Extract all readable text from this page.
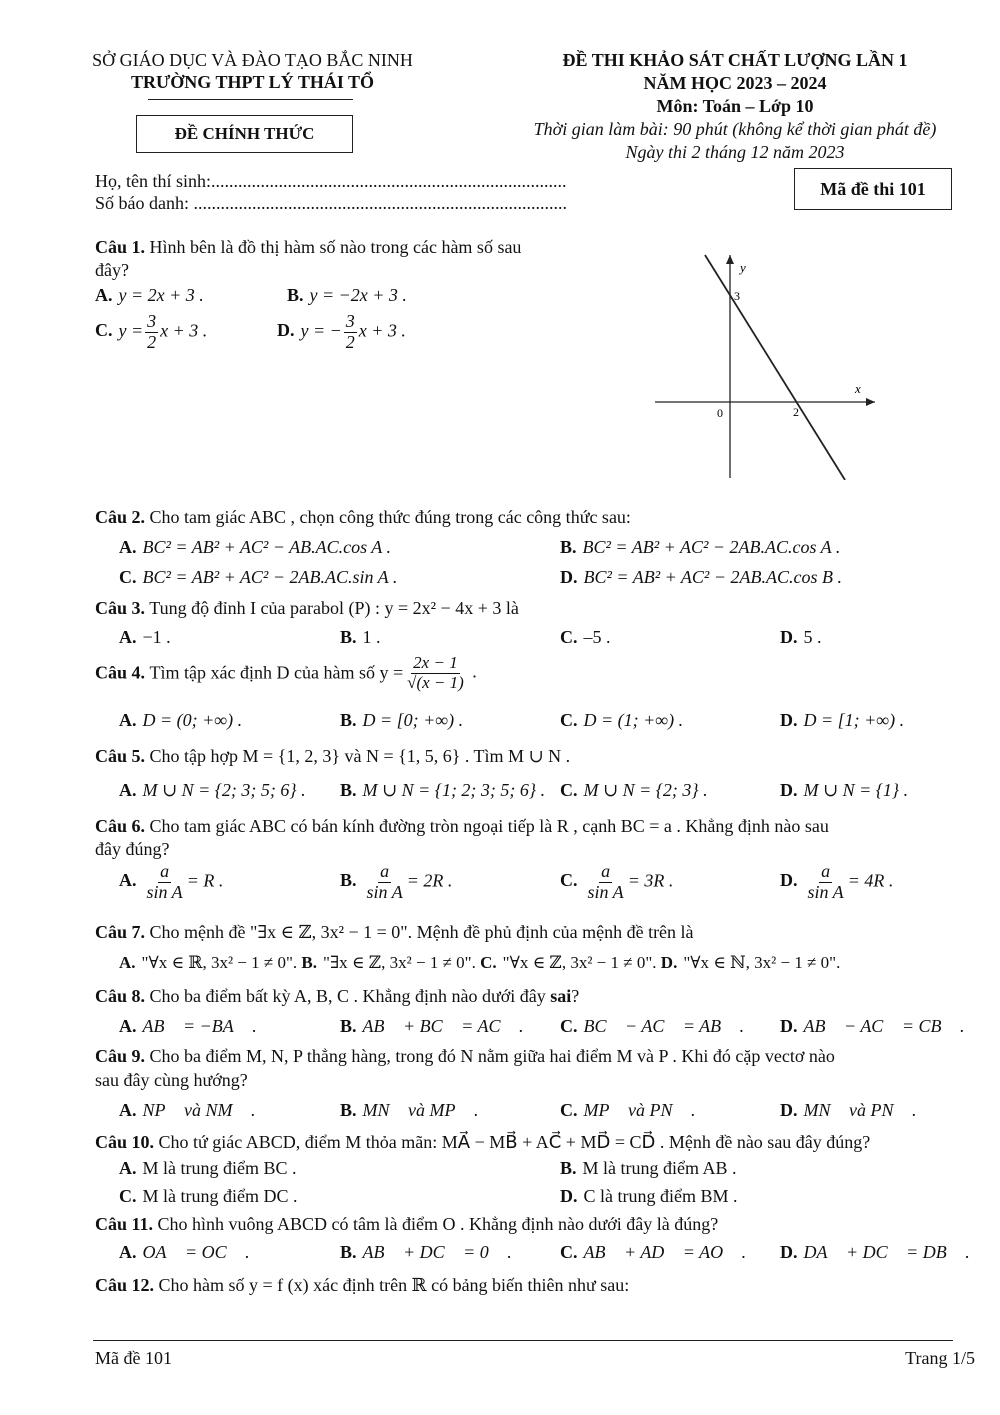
SỞ GIÁO DỤC VÀ ĐÀO TẠO BẮC NINH
TRƯỜNG THPT LÝ THÁI TỔ
ĐỀ CHÍNH THỨC
ĐỀ THI KHẢO SÁT CHẤT LƯỢNG LẦN 1
NĂM HỌC 2023 – 2024
Môn: Toán – Lớp 10
Thời gian làm bài: 90 phút (không kể thời gian phát đề)
Ngày thi 2 tháng 12 năm 2023
Họ, tên thí sinh:...............................................................................
Số báo danh: ...................................................................................
Mã đề thi 101
Câu 1. Hình bên là đồ thị hàm số nào trong các hàm số sau
đây?
A. y = 2x + 3 .	B. y = −2x + 3 .
C. $y = \frac{3}{2}$ x + 3 .	D. y = − $\frac{3}{2}$ x + 3 .
y
x
0
3
2
Câu 2. Cho tam giác ABC , chọn công thức đúng trong các công thức sau:
A. BC² = AB² + AC² − AB.AC.cos A .	B. BC² = AB² + AC² − 2AB.AC.cos A .
C. BC² = AB² + AC² − 2AB.AC.sin A .	D. BC² = AB² + AC² − 2AB.AC.cos B .
Câu 3. Tung độ đỉnh I của parabol (P) : y = 2x² − 4x + 3 là
A. −1 .	B. 1 .	C. –5 .	D. 5 .
Câu 4. Tìm tập xác định D của hàm số $y = \frac{2x - 1}{√(x - 1)}$ .
A. D = (0; +∞) .	B. D = [0; +∞) .	C. D = (1; +∞) .	D. D = [1; +∞) .
Câu 5. Cho tập hợp M = {1, 2, 3} và N = {1, 5, 6} . Tìm M ∪ N .
A. M ∪ N = {2; 3; 5; 6} . B. M ∪ N = {1; 2; 3; 5; 6} . C. M ∪ N = {2; 3} .	D. M ∪ N = {1} .
Câu 6. Cho tam giác ABC có bán kính đường tròn ngoại tiếp là R , cạnh BC = a . Khẳng định nào sau
đây đúng?
A. $\frac{a}{\text{sin A}} = R$ .	B. $\frac{a}{\text{sin A}} = 2R$ .	C. $\frac{a}{\text{sin A}} = 3R$ .	D. $\frac{a}{\text{sin A}} = 4R$ .
Câu 7. Cho mệnh đề "∃x ∈ ℤ, 3x² − 1 = 0". Mệnh đề phủ định của mệnh đề trên là
A. "∀x ∈ ℝ, 3x² − 1 ≠ 0". B. "∃x ∈ ℤ, 3x² − 1 ≠ 0". C. "∀x ∈ ℤ, 3x² − 1 ≠ 0". D. "∀x ∈ ℕ, 3x² − 1 ≠ 0".
Câu 8. Cho ba điểm bất kỳ A, B, C . Khẳng định nào dưới đây sai?
A. AB⃗ = −BA⃗ .	B. AB⃗ + BC⃗ = AC⃗ . C. BC⃗ − AC⃗ = AB⃗ . D. AB⃗ − AC⃗ = CB⃗ .
Câu 9. Cho ba điểm M, N, P thẳng hàng, trong đó N nằm giữa hai điểm M và P . Khi đó cặp vectơ nào
sau đây cùng hướng?
A. NP⃗ và NM⃗ .	B. MN⃗ và MP⃗ .	C. MP⃗ và PN⃗ .	D. MN⃗ và PN⃗ .
Câu 10. Cho tứ giác ABCD, điểm M thỏa mãn: MA⃗ − MB⃗ + AC⃗ + MD⃗ = CD⃗ . Mệnh đề nào sau đây đúng?
A. M là trung điểm BC .	B. M là trung điểm AB .
C. M là trung điểm DC .	D. C là trung điểm BM .
Câu 11. Cho hình vuông ABCD có tâm là điểm O . Khẳng định nào dưới đây là đúng?
A. OA⃗ = OC⃗ .	B. AB⃗ + DC⃗ = 0⃗ .	C. AB⃗ + AD⃗ = AO⃗ . D. DA⃗ + DC⃗ = DB⃗ .
Câu 12. Cho hàm số y = f (x) xác định trên ℝ có bảng biến thiên như sau:
Mã đề 101	Trang 1/5
